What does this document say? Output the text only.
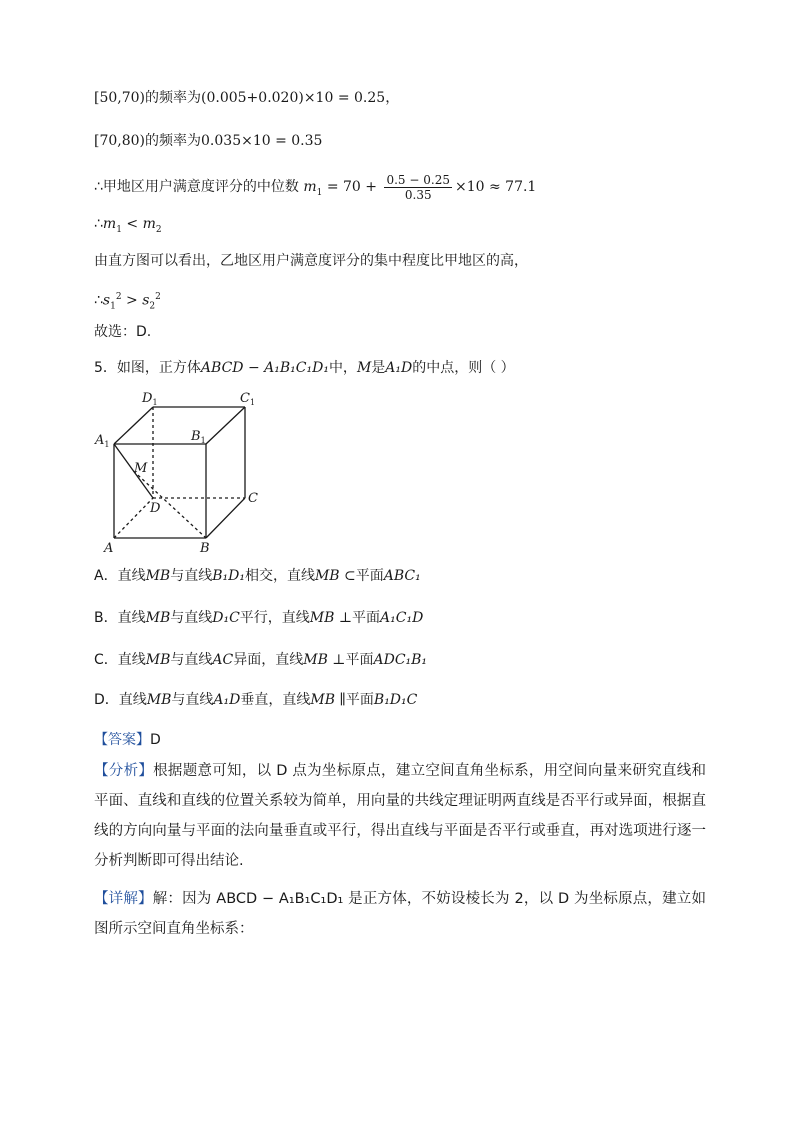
[50,70)的频率为(0.005+0.020)×10 = 0.25，
[70,80)的频率为0.035×10 = 0.35
∴甲地区用户满意度评分的中位数 $m_1 = 70 + \frac{0.5 - 0.25}{0.35} \times 10 \approx 77.1$
$\therefore m_1 < m_2$
由直方图可以看出，乙地区用户满意度评分的集中程度比甲地区的高，
$\therefore s_1^2 > s_2^2$
故选：D.
5．如图，正方体ABCD − A₁B₁C₁D₁中，M是A₁D的中点，则（ ）
$D_1$	$C_1$
$A_1$
$B_1$
M
D
C
A	B
A．直线MB与直线B₁D₁相交，直线MB ⊂平面ABC₁
B．直线MB与直线D₁C平行，直线MB ⊥平面A₁C₁D
C．直线MB与直线AC异面，直线MB ⊥平面ADC₁B₁
D．直线MB与直线A₁D垂直，直线MB ∥平面B₁D₁C
【答案】D
【分析】根据题意可知，以 D 点为坐标原点，建立空间直角坐标系，用空间向量来研究直线和平面、直线和直线的位置关系较为简单，用向量的共线定理证明两直线是否平行或异面，根据直线的方向向量与平面的法向量垂直或平行，得出直线与平面是否平行或垂直，再对选项进行逐一分析判断即可得出结论.
【详解】解：因为 ABCD − A₁B₁C₁D₁ 是正方体，不妨设棱长为 2，以 D 为坐标原点，建立如图所示空间直角坐标系：
